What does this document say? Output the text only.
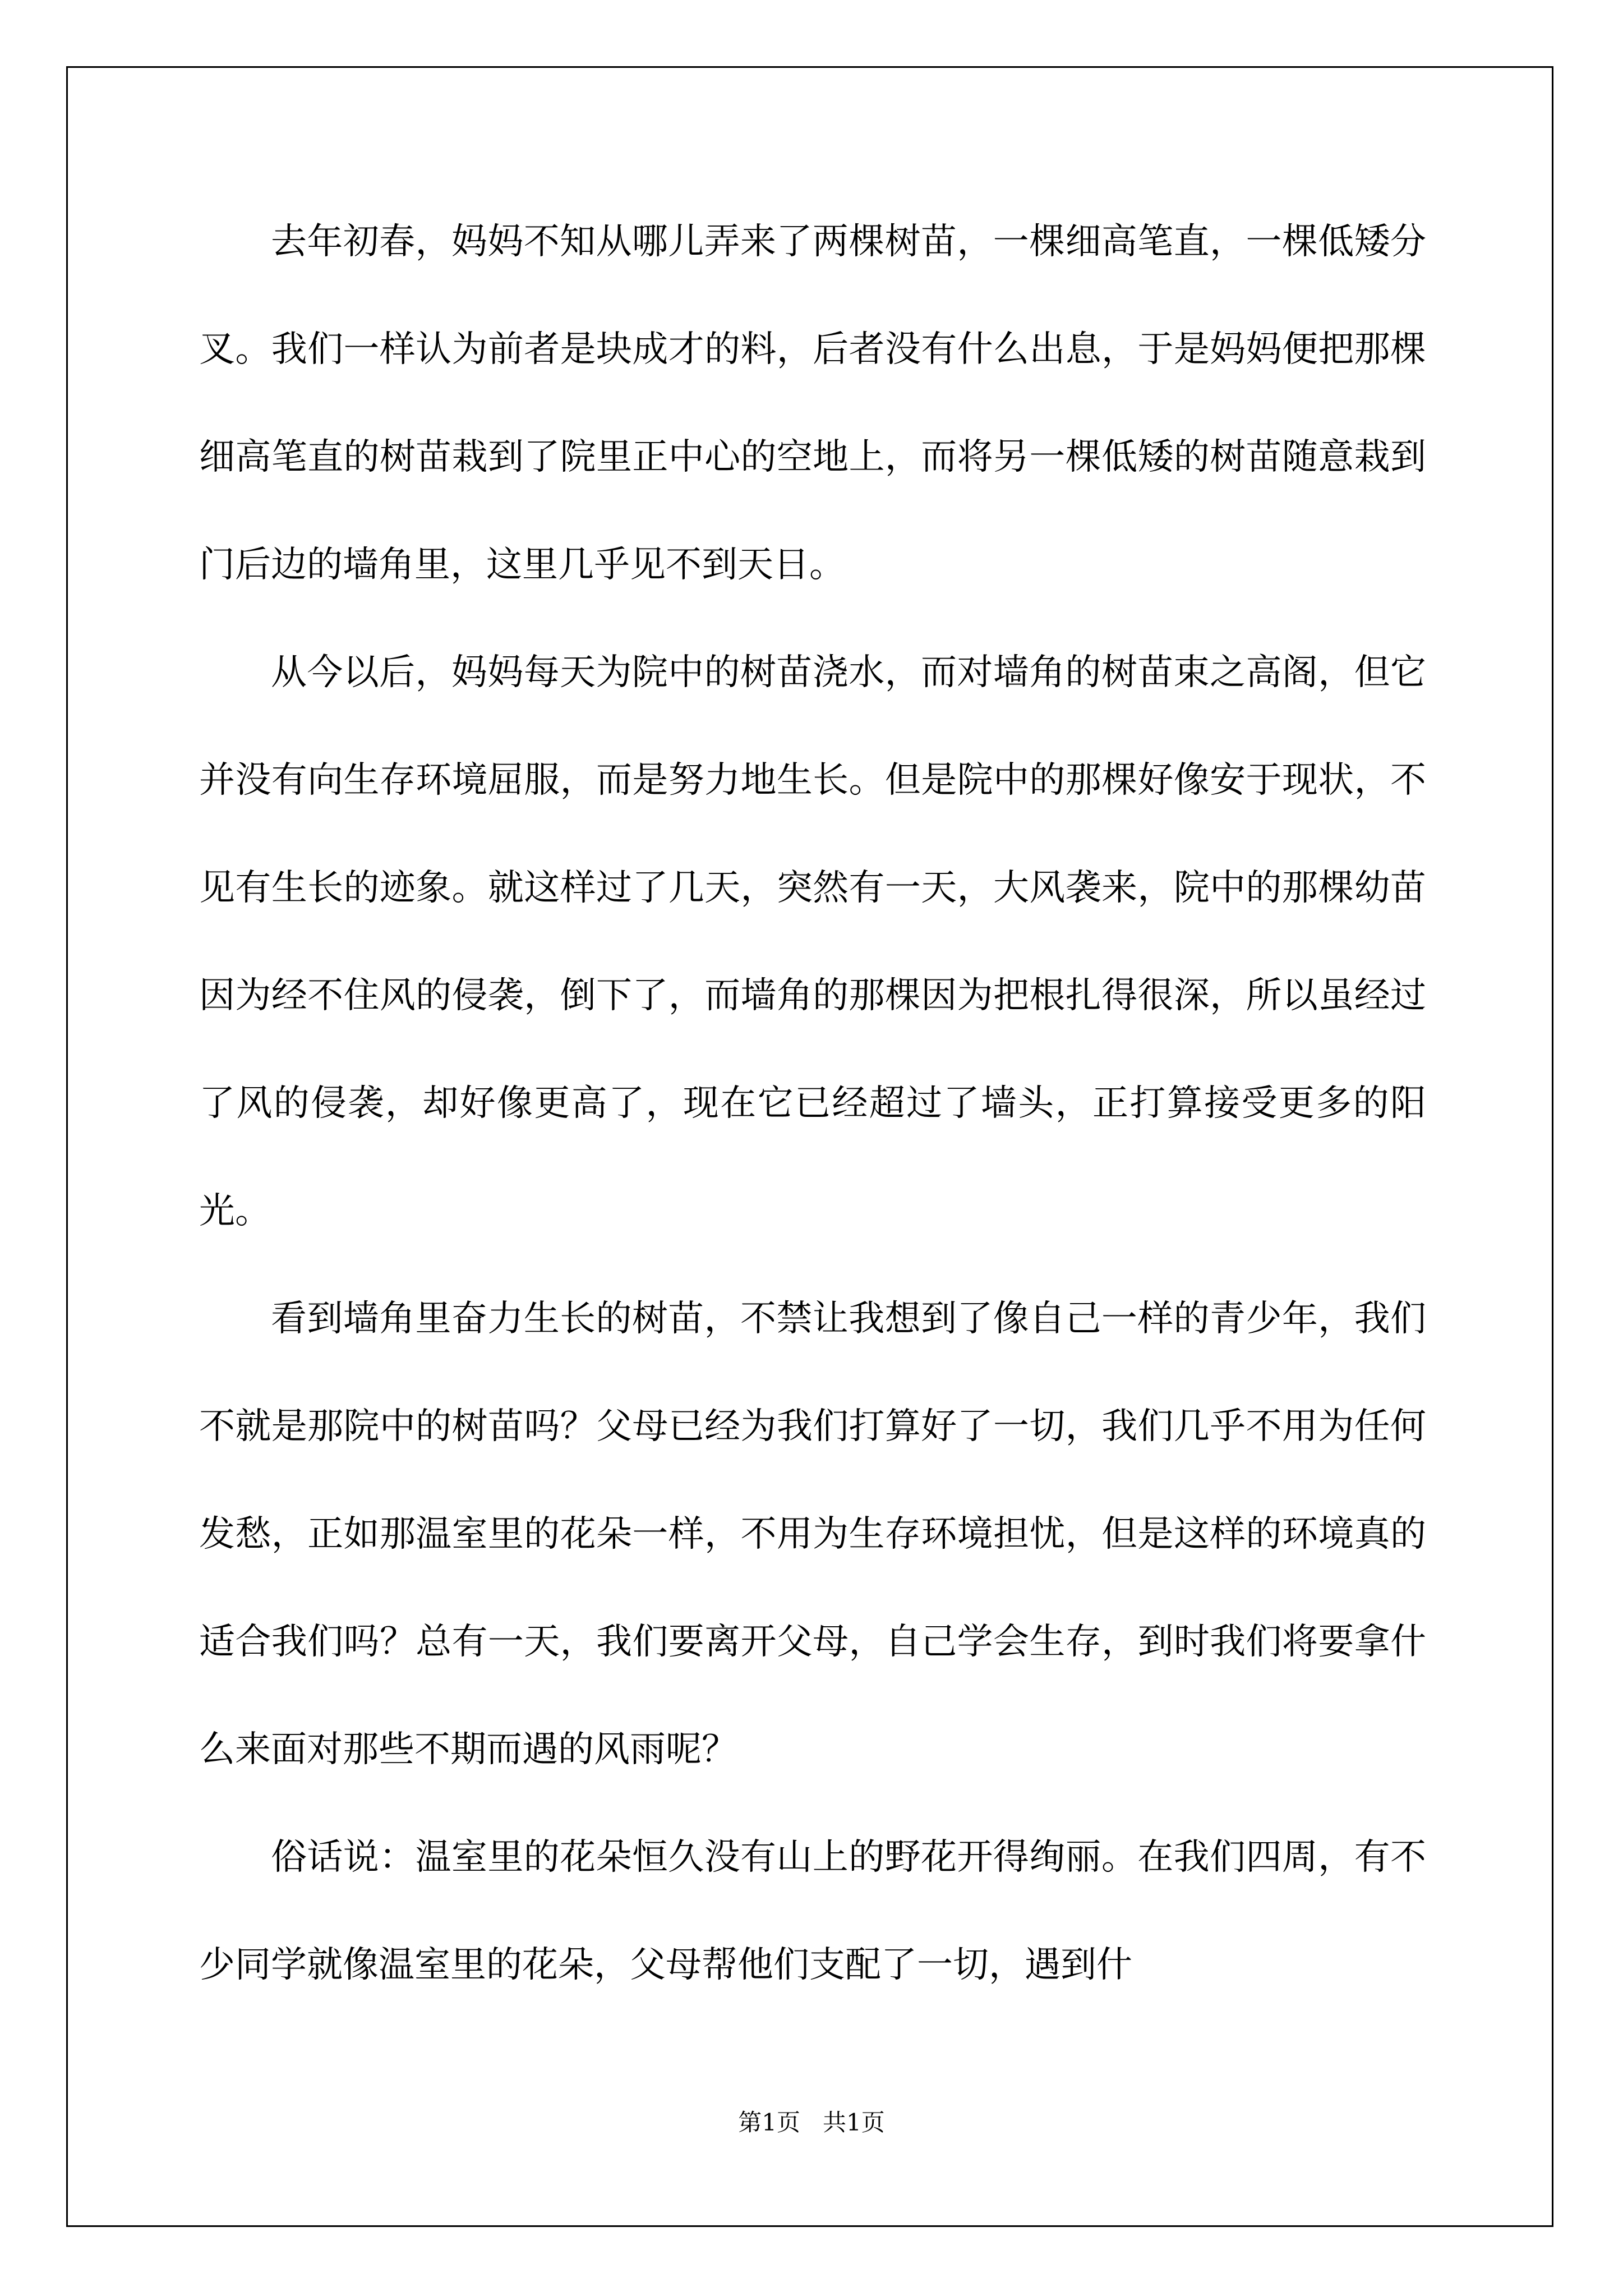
去年初春，妈妈不知从哪儿弄来了两棵树苗，一棵细高笔直，一棵低矮分叉。我们一样认为前者是块成才的料，后者没有什么出息，于是妈妈便把那棵细高笔直的树苗栽到了院里正中心的空地上，而将另一棵低矮的树苗随意栽到门后边的墙角里，这里几乎见不到天日。

从今以后，妈妈每天为院中的树苗浇水，而对墙角的树苗束之高阁，但它并没有向生存环境屈服，而是努力地生长。但是院中的那棵好像安于现状，不见有生长的迹象。就这样过了几天，突然有一天，大风袭来，院中的那棵幼苗因为经不住风的侵袭，倒下了，而墙角的那棵因为把根扎得很深，所以虽经过了风的侵袭，却好像更高了，现在它已经超过了墙头，正打算接受更多的阳光。

看到墙角里奋力生长的树苗，不禁让我想到了像自己一样的青少年，我们不就是那院中的树苗吗？父母已经为我们打算好了一切，我们几乎不用为任何发愁，正如那温室里的花朵一样，不用为生存环境担忧，但是这样的环境真的适合我们吗？总有一天，我们要离开父母，自己学会生存，到时我们将要拿什么来面对那些不期而遇的风雨呢？

俗话说：温室里的花朵恒久没有山上的野花开得绚丽。在我们四周，有不少同学就像温室里的花朵，父母帮他们支配了一切，遇到什

第1页   共1页
